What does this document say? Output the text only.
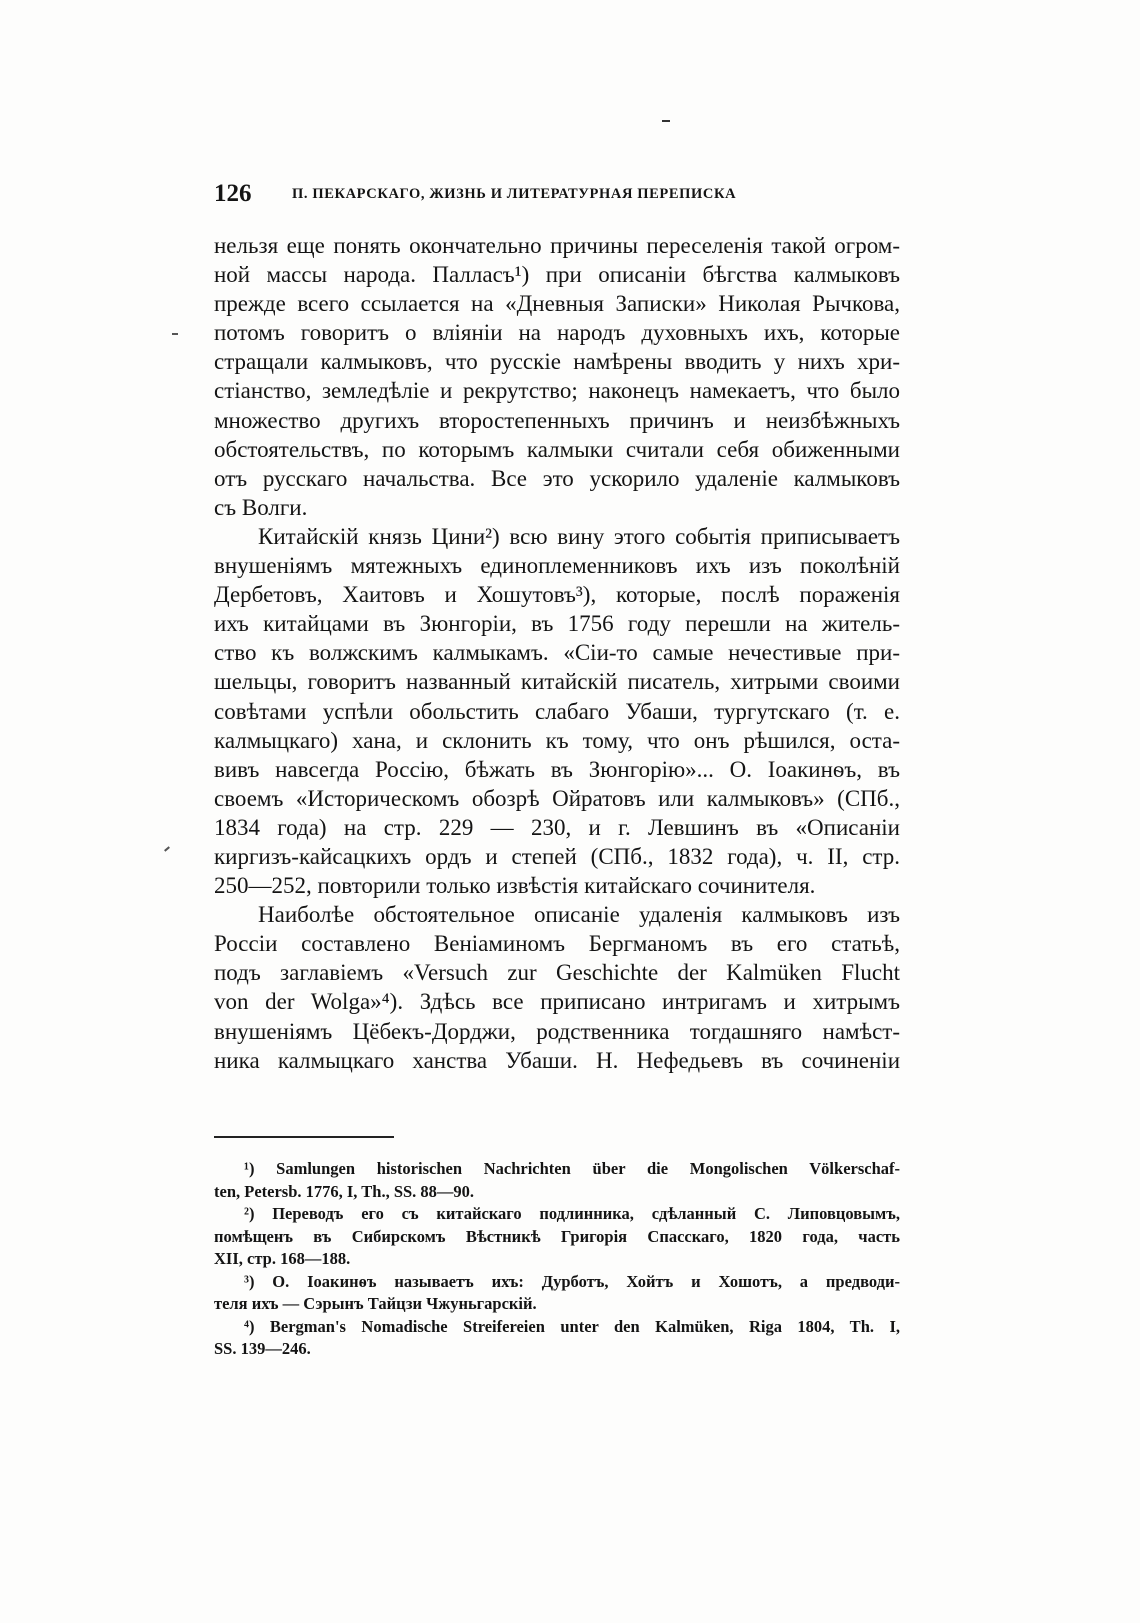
126	П. ПЕКАРСКАГО, ЖИЗНЬ И ЛИТЕРАТУРНАЯ ПЕРЕПИСКА
нельзя еще понять окончательно причины переселенія такой огром-
ной массы народа. Палласъ¹) при описаніи бѣгства калмыковъ
прежде всего ссылается на «Дневныя Записки» Николая Рычкова,
потомъ говоритъ о вліяніи на народъ духовныхъ ихъ, которые
стращали калмыковъ, что русскіе намѣрены вводить у нихъ хри-
стіанство, земледѣліе и рекрутство; наконецъ намекаетъ, что было
множество другихъ второстепенныхъ причинъ и неизбѣжныхъ
обстоятельствъ, по которымъ калмыки считали себя обиженными
отъ русскаго начальства. Все это ускорило удаленіе калмыковъ
съ Волги.
Китайскій князь Цини²) всю вину этого событія приписываетъ
внушеніямъ мятежныхъ единоплеменниковъ ихъ изъ поколѣній
Дербетовъ, Хаитовъ и Хошутовъ³), которые, послѣ пораженія
ихъ китайцами въ Зюнгоріи, въ 1756 году перешли на житель-
ство къ волжскимъ калмыкамъ. «Сіи-то самые нечестивые при-
шельцы, говоритъ названный китайскій писатель, хитрыми своими
совѣтами успѣли обольстить слабаго Убаши, тургутскаго (т. е.
калмыцкаго) хана, и склонить къ тому, что онъ рѣшился, оста-
вивъ навсегда Россію, бѣжать въ Зюнгорію»... О. Іоакинѳъ, въ
своемъ «Историческомъ обозрѣ Ойратовъ или калмыковъ» (СПб.,
1834 года) на стр. 229 — 230, и г. Левшинъ въ «Описаніи
киргизъ-кайсацкихъ ордъ и степей (СПб., 1832 года), ч. II, стр.
250—252, повторили только извѣстія китайскаго сочинителя.
Наиболѣе обстоятельное описаніе удаленія калмыковъ изъ
Россіи составлено Веніаминомъ Бергманомъ въ его статьѣ,
подъ заглавіемъ «Versuch zur Geschichte der Kalmüken Flucht
von der Wolga»⁴). Здѣсь все приписано интригамъ и хитрымъ
внушеніямъ Цёбекъ-Дорджи, родственника тогдашняго намѣст-
ника калмыцкаго ханства Убаши. Н. Нефедьевъ въ сочиненіи
¹) Samlungen historischen Nachrichten über die Mongolischen Völkerschaf-
ten, Petersb. 1776, I, Th., SS. 88—90.
²) Переводъ его съ китайскаго подлинника, сдѣланный С. Липовцовымъ,
помѣщенъ въ Сибирскомъ Вѣстникѣ Григорія Спасскаго, 1820 года, часть
XII, стр. 168—188.
³) О. Іоакинѳъ называетъ ихъ: Дурботъ, Хойтъ и Хошотъ, а предводи-
теля ихъ — Сэрынъ Тайцзи Чжуньгарскій.
⁴) Bergman's Nomadische Streifereien unter den Kalmüken, Riga 1804, Th. I,
SS. 139—246.
